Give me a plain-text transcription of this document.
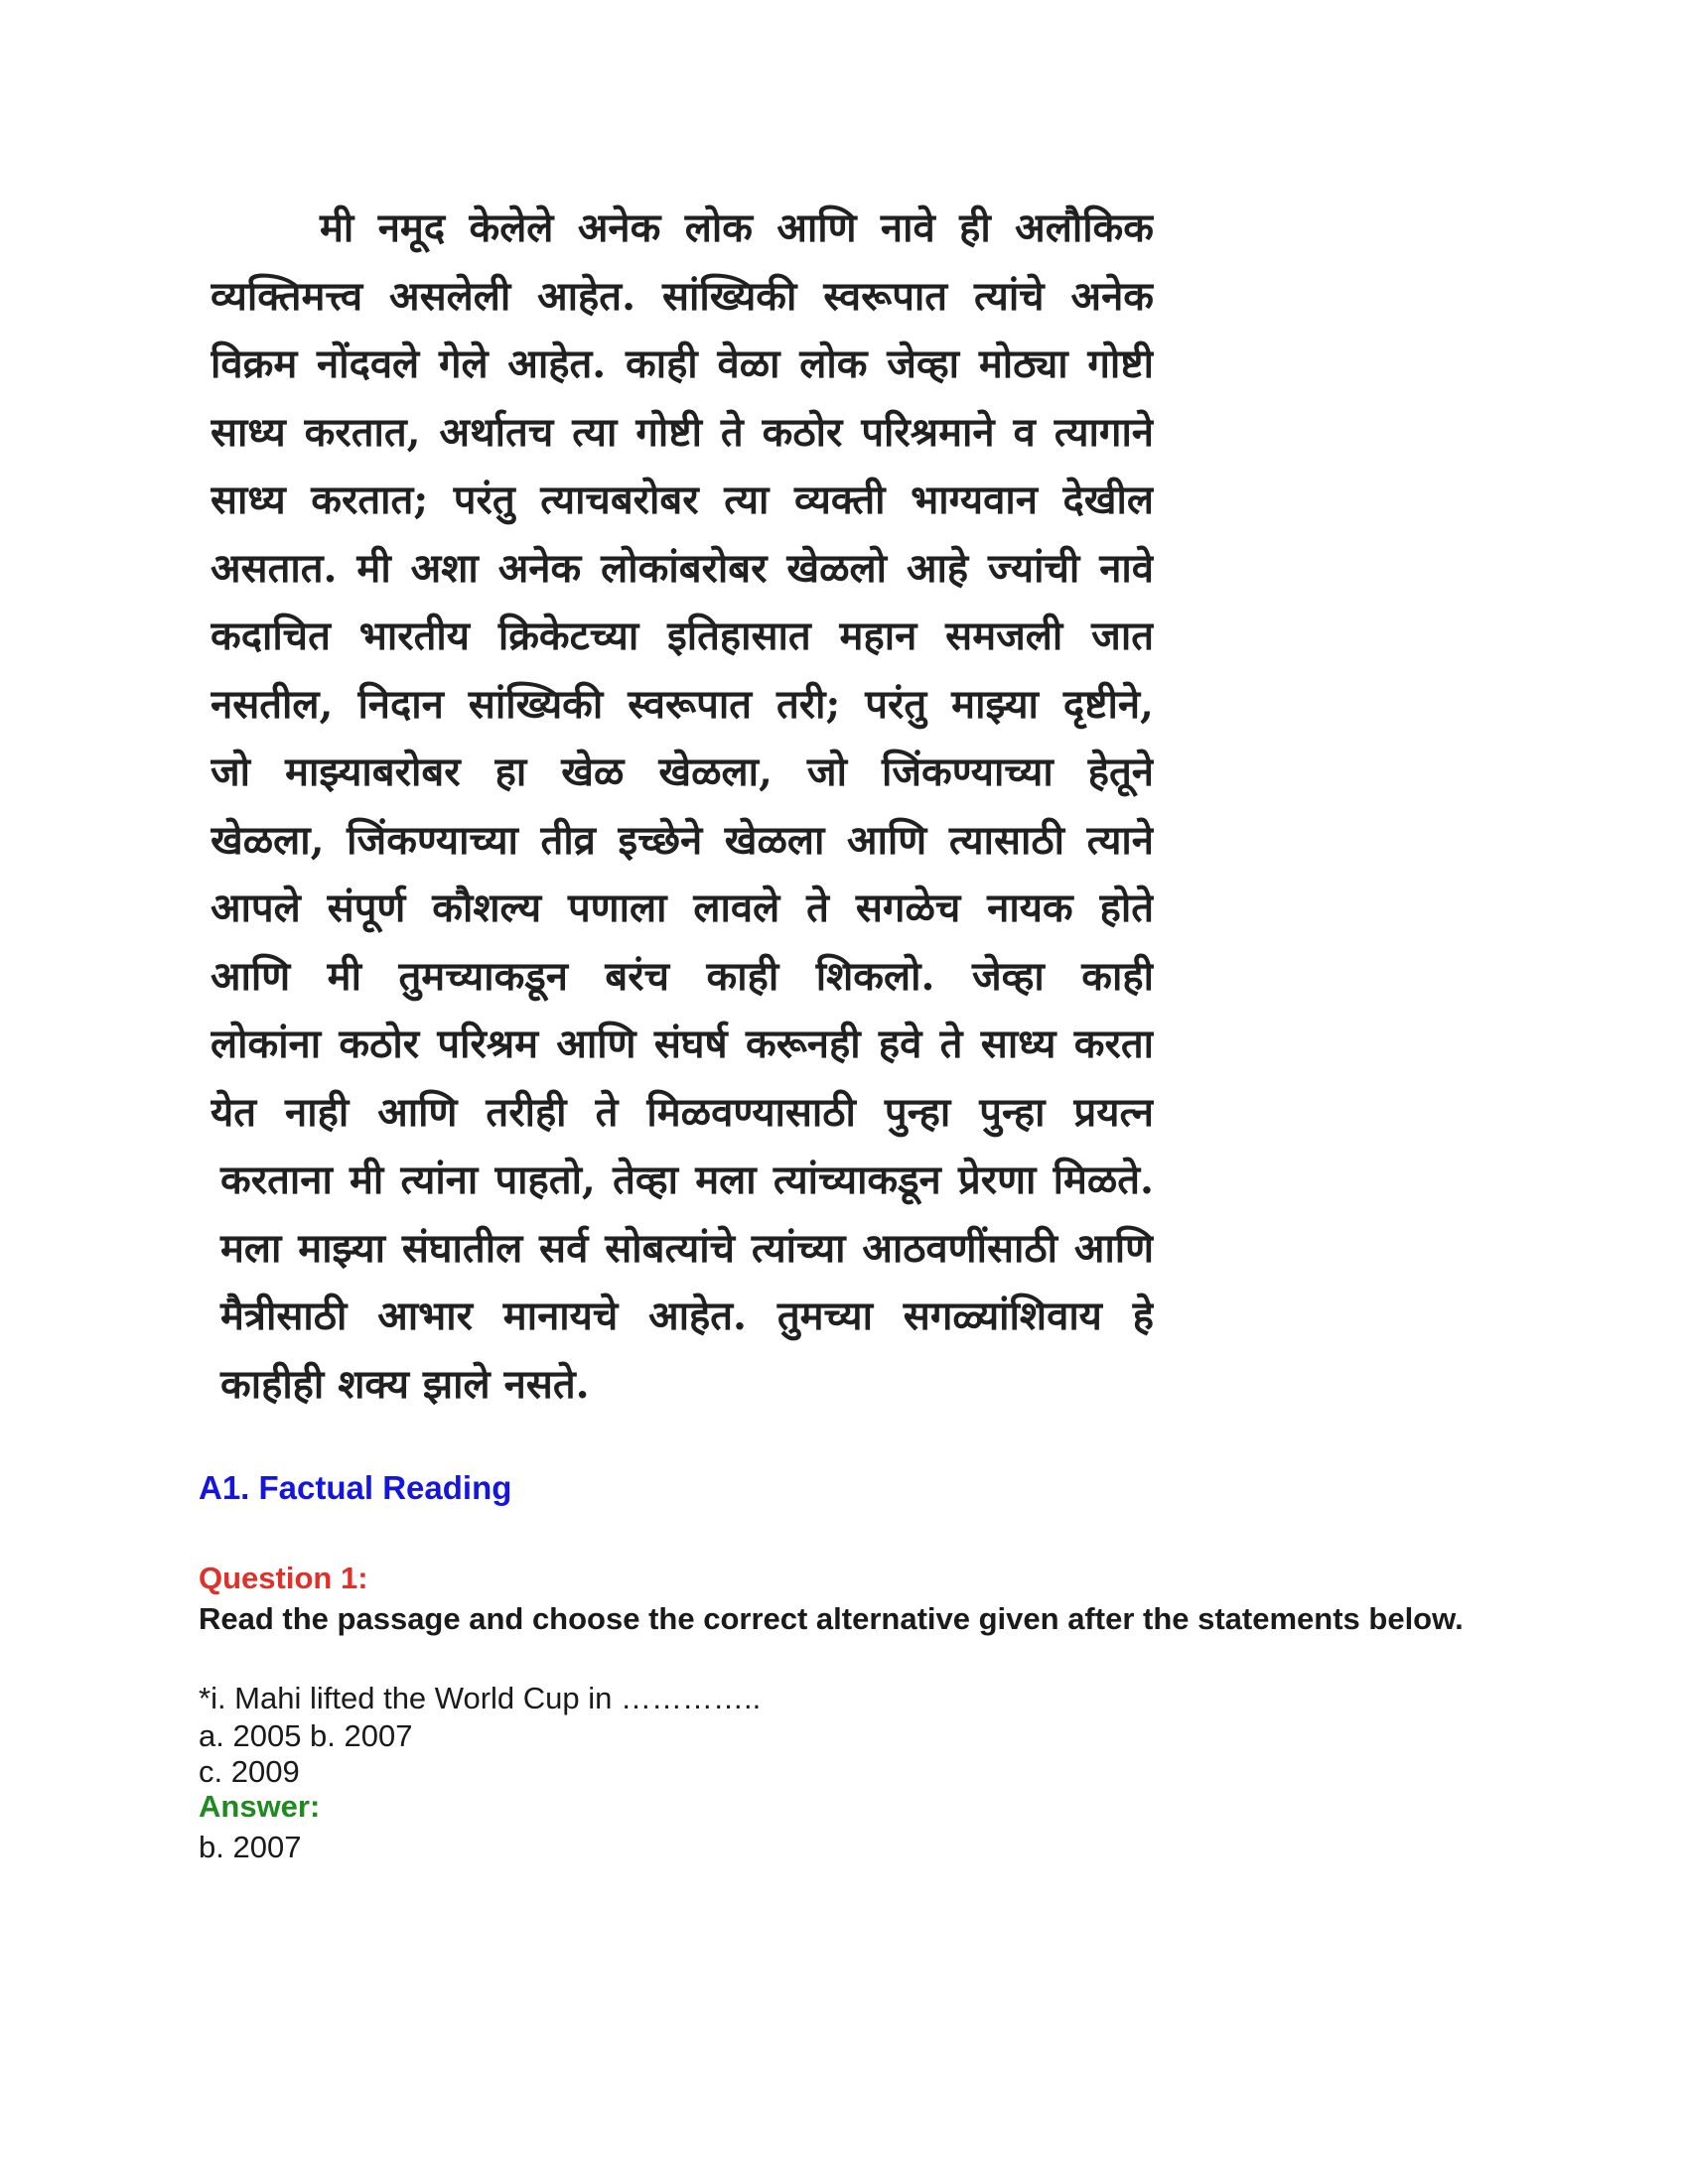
मी नमूद केलेले अनेक लोक आणि नावे ही अलौकिक
व्यक्तिमत्त्व असलेली आहेत. सांख्यिकी स्वरूपात त्यांचे अनेक
विक्रम नोंदवले गेले आहेत. काही वेळा लोक जेव्हा मोठ्या गोष्टी
साध्य करतात, अर्थातच त्या गोष्टी ते कठोर परिश्रमाने व त्यागाने
साध्य करतात; परंतु त्याचबरोबर त्या व्यक्ती भाग्यवान देखील
असतात. मी अशा अनेक लोकांबरोबर खेळलो आहे ज्यांची नावे
कदाचित भारतीय क्रिकेटच्या इतिहासात महान समजली जात
नसतील, निदान सांख्यिकी स्वरूपात तरी; परंतु माझ्या दृष्टीने,
जो माझ्याबरोबर हा खेळ खेळला, जो जिंकण्याच्या हेतूने
खेळला, जिंकण्याच्या तीव्र इच्छेने खेळला आणि त्यासाठी त्याने
आपले संपूर्ण कौशल्य पणाला लावले ते सगळेच नायक होते
आणि मी तुमच्याकडून बरंच काही शिकलो. जेव्हा काही
लोकांना कठोर परिश्रम आणि संघर्ष करूनही हवे ते साध्य करता
येत नाही आणि तरीही ते मिळवण्यासाठी पुन्हा पुन्हा प्रयत्न
करताना मी त्यांना पाहतो, तेव्हा मला त्यांच्याकडून प्रेरणा मिळते.
मला माझ्या संघातील सर्व सोबत्यांचे त्यांच्या आठवणींसाठी आणि
मैत्रीसाठी आभार मानायचे आहेत. तुमच्या सगळ्यांशिवाय हे
काहीही शक्य झाले नसते.
A1. Factual Reading
Question 1:
Read the passage and choose the correct alternative given after the statements below.
*i. Mahi lifted the World Cup in …………..
a. 2005 b. 2007
c. 2009
Answer:
b. 2007
